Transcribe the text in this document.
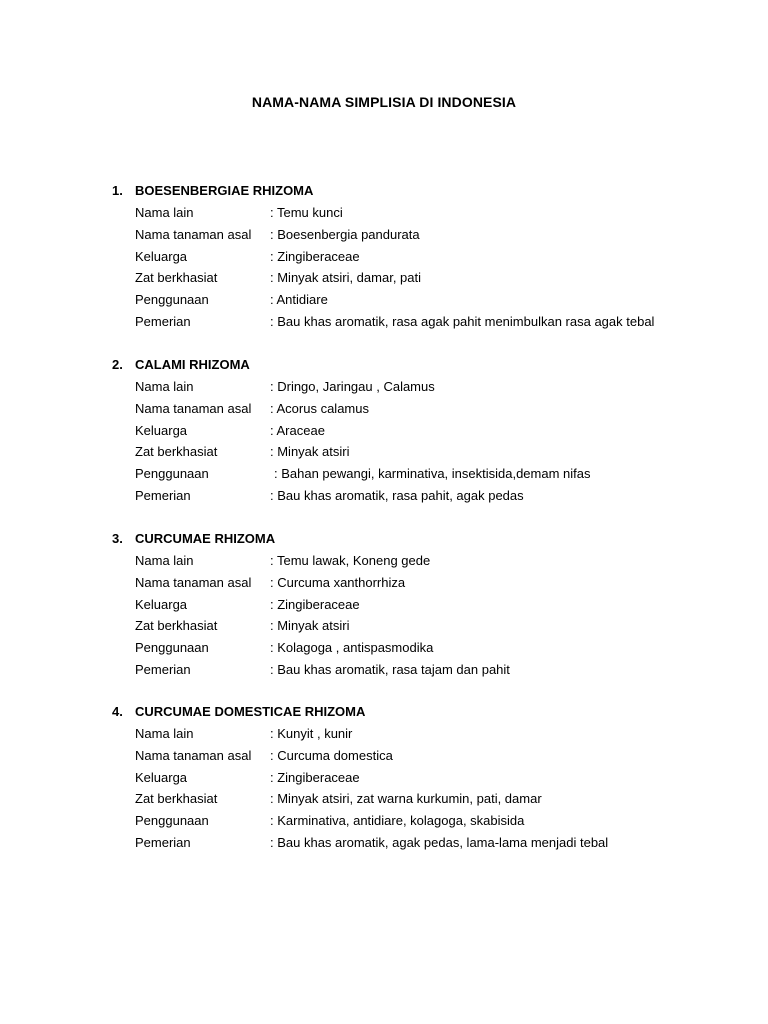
NAMA-NAMA SIMPLISIA DI INDONESIA
1. BOESENBERGIAE RHIZOMA
Nama lain	: Temu kunci
Nama tanaman asal : Boesenbergia pandurata
Keluarga	: Zingiberaceae
Zat berkhasiat	: Minyak atsiri, damar, pati
Penggunaan	: Antidiare
Pemerian	: Bau khas aromatik, rasa agak pahit menimbulkan rasa agak tebal
2. CALAMI RHIZOMA
Nama lain	: Dringo, Jaringau , Calamus
Nama tanaman asal : Acorus calamus
Keluarga	: Araceae
Zat berkhasiat	: Minyak atsiri
Penggunaan	: Bahan pewangi, karminativa, insektisida,demam nifas
Pemerian	: Bau khas aromatik, rasa pahit, agak pedas
3. CURCUMAE RHIZOMA
Nama lain	: Temu lawak, Koneng gede
Nama tanaman asal : Curcuma xanthorrhiza
Keluarga	: Zingiberaceae
Zat berkhasiat	: Minyak atsiri
Penggunaan	: Kolagoga , antispasmodika
Pemerian	: Bau khas aromatik, rasa tajam dan pahit
4. CURCUMAE DOMESTICAE RHIZOMA
Nama lain	: Kunyit , kunir
Nama tanaman asal : Curcuma domestica
Keluarga	: Zingiberaceae
Zat berkhasiat	: Minyak atsiri, zat warna kurkumin, pati, damar
Penggunaan	: Karminativa, antidiare, kolagoga, skabisida
Pemerian	: Bau khas aromatik, agak pedas, lama-lama menjadi tebal
